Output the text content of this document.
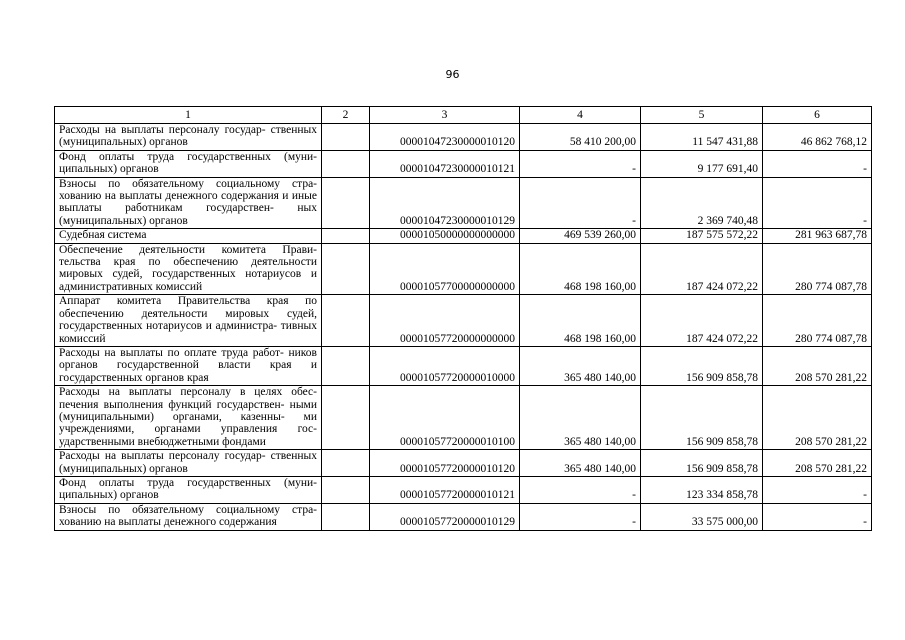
96
1	2	3	4	5	6
Расходы на выплаты персоналу государ- ственных (муниципальных) органов		00001047230000010120	58 410 200,00	11 547 431,88	46 862 768,12
Фонд оплаты труда государственных (муни- ципальных) органов		00001047230000010121	-	9 177 691,40	-
Взносы по обязательному социальному стра- хованию на выплаты денежного содержания и иные выплаты работникам государствен- ных (муниципальных) органов		00001047230000010129	-	2 369 740,48	-
Судебная система		00001050000000000000	469 539 260,00	187 575 572,22	281 963 687,78
Обеспечение деятельности комитета Прави- тельства края по обеспечению деятельности мировых судей, государственных нотариусов и административных комиссий		00001057700000000000	468 198 160,00	187 424 072,22	280 774 087,78
Аппарат комитета Правительства края по обеспечению деятельности мировых судей, государственных нотариусов и администра- тивных комиссий		00001057720000000000	468 198 160,00	187 424 072,22	280 774 087,78
Расходы на выплаты по оплате труда работ- ников органов государственной власти края и государственных органов края		00001057720000010000	365 480 140,00	156 909 858,78	208 570 281,22
Расходы на выплаты персоналу в целях обес- печения выполнения функций государствен- ными (муниципальными) органами, казенны- ми учреждениями, органами управления гос- ударственными внебюджетными фондами		00001057720000010100	365 480 140,00	156 909 858,78	208 570 281,22
Расходы на выплаты персоналу государ- ственных (муниципальных) органов		00001057720000010120	365 480 140,00	156 909 858,78	208 570 281,22
Фонд оплаты труда государственных (муни- ципальных) органов		00001057720000010121	-	123 334 858,78	-
Взносы по обязательному социальному стра- хованию на выплаты денежного содержания		00001057720000010129	-	33 575 000,00	-
